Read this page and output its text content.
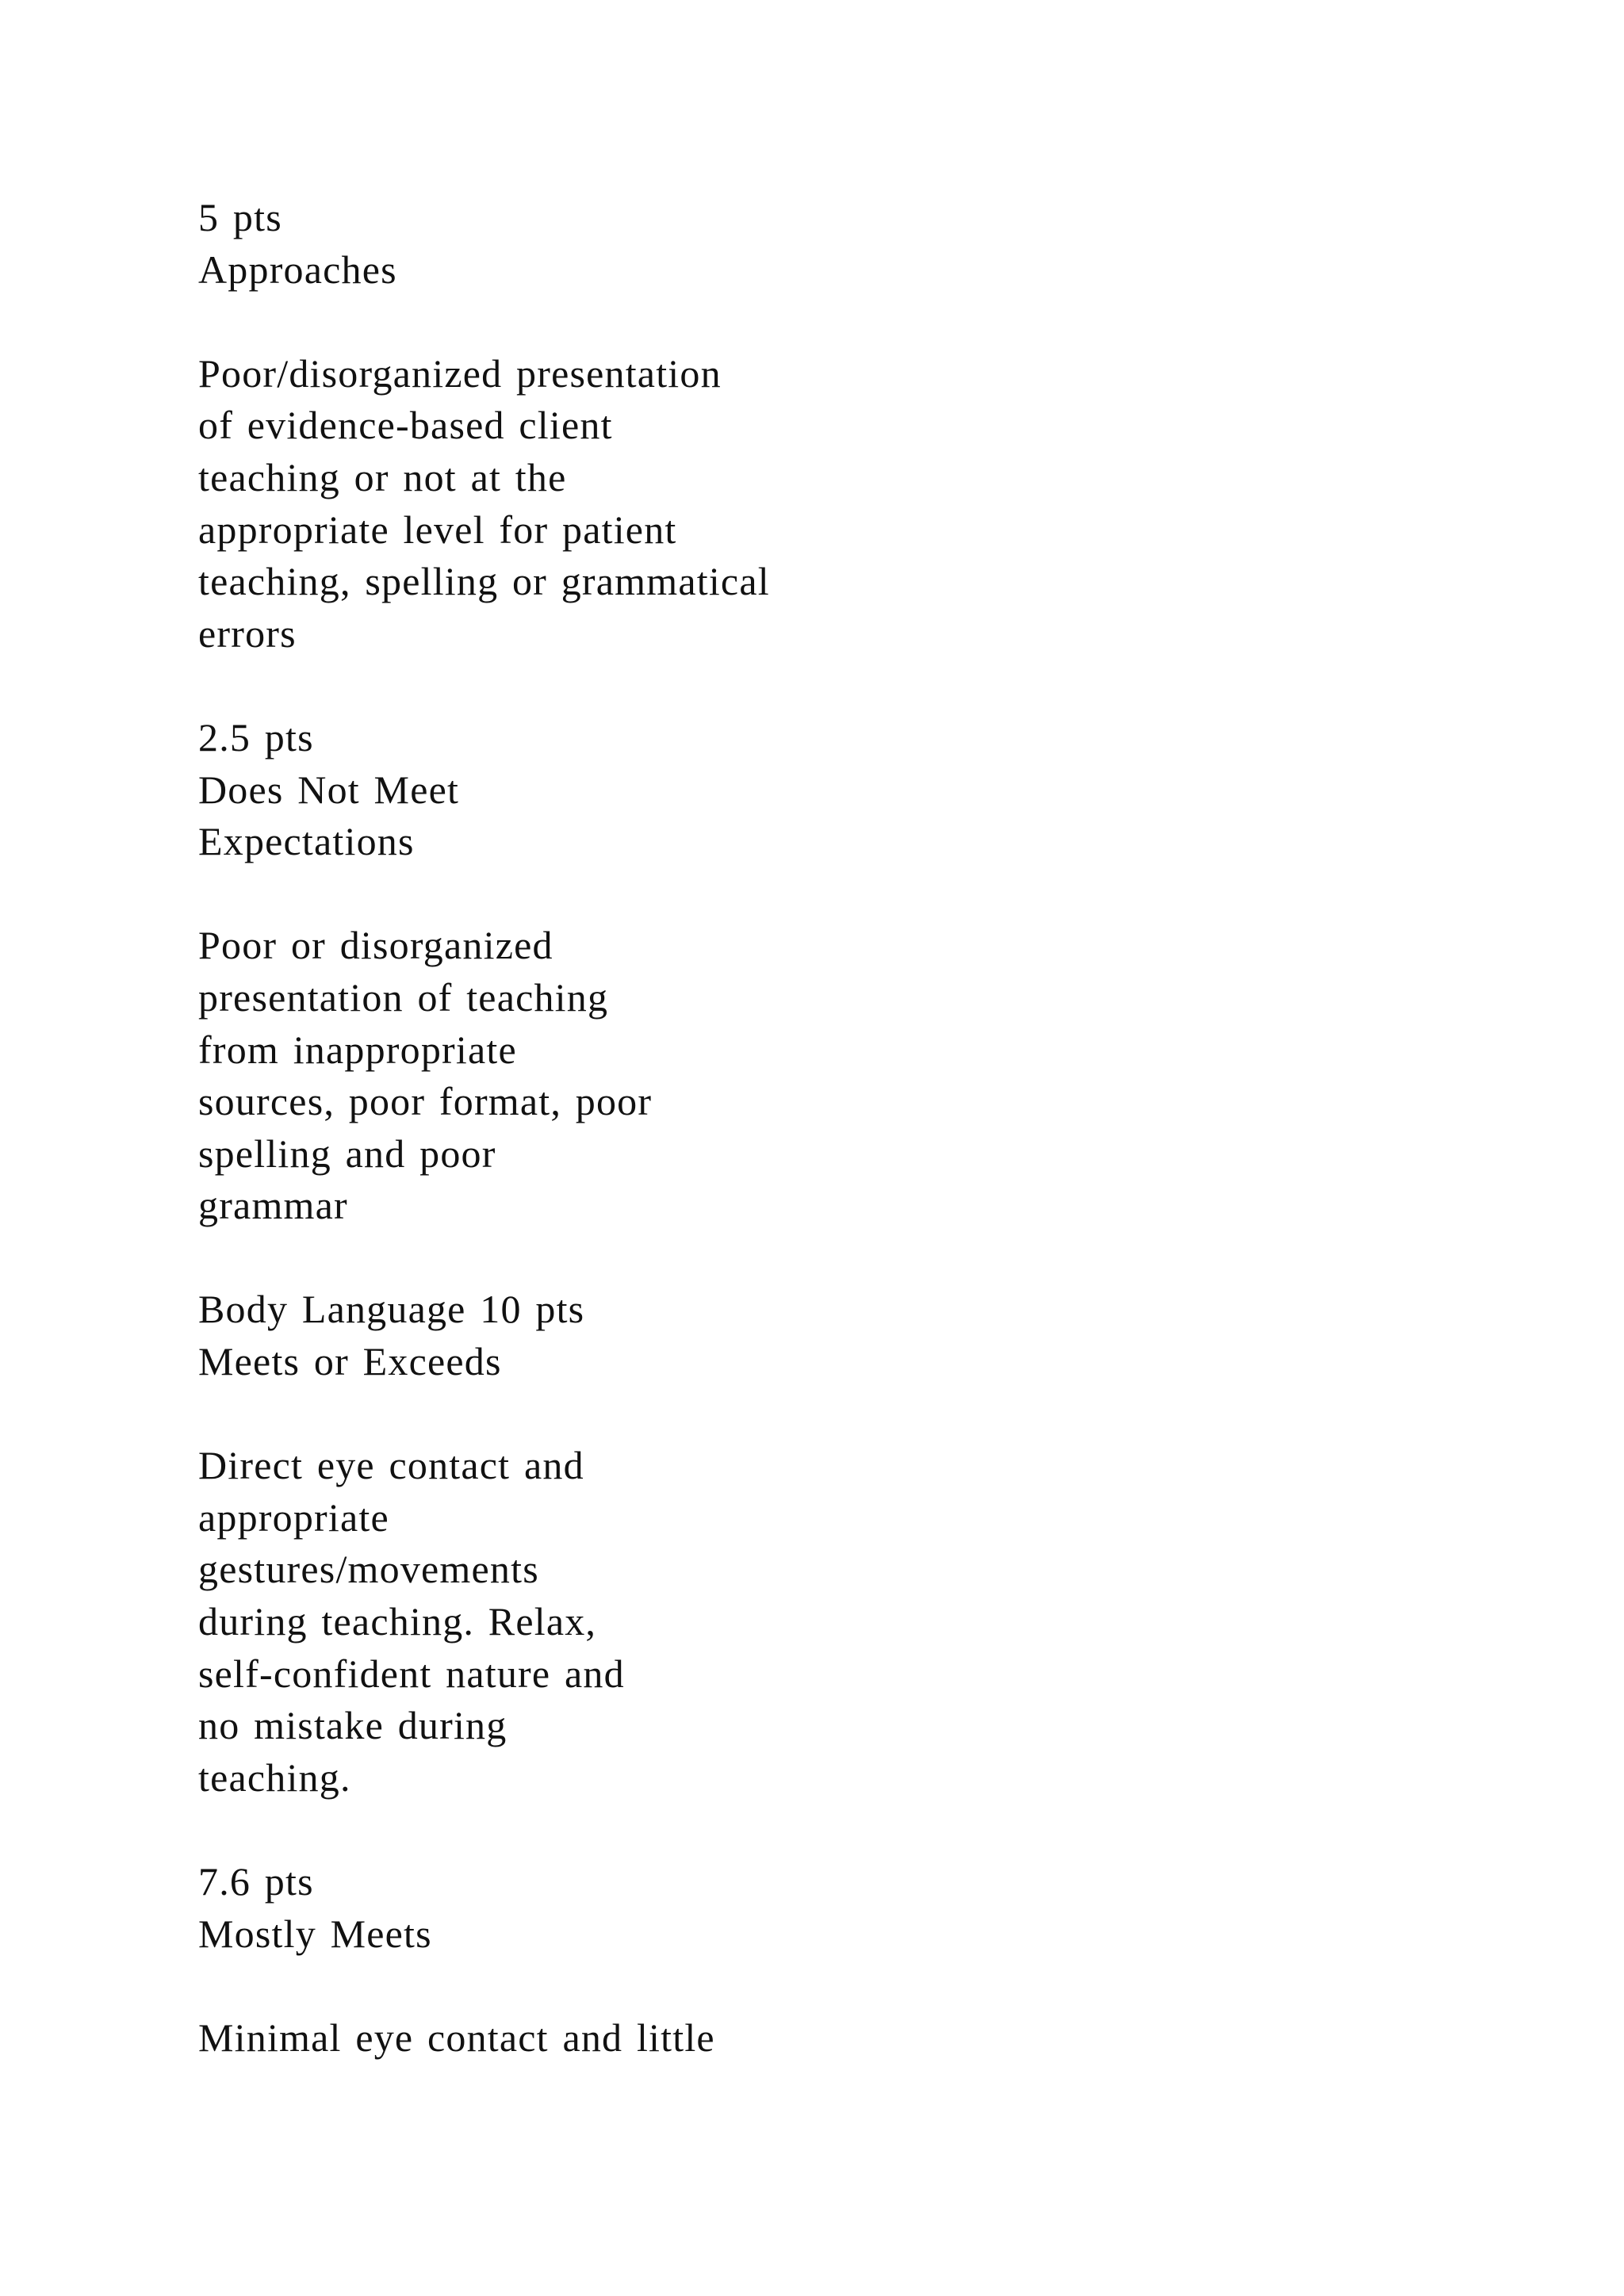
5 pts
Approaches
Poor/disorganized presentation
of evidence-based client
teaching or not at the
appropriate level for patient
teaching, spelling or grammatical
errors
2.5 pts
Does Not Meet
Expectations
Poor or disorganized
presentation of teaching
from inappropriate
sources, poor format, poor
spelling and poor
grammar
Body Language 10 pts
Meets or Exceeds
Direct eye contact and
appropriate
gestures/movements
during teaching. Relax,
self-confident nature and
no mistake during
teaching.
7.6 pts
Mostly Meets
Minimal eye contact and little
